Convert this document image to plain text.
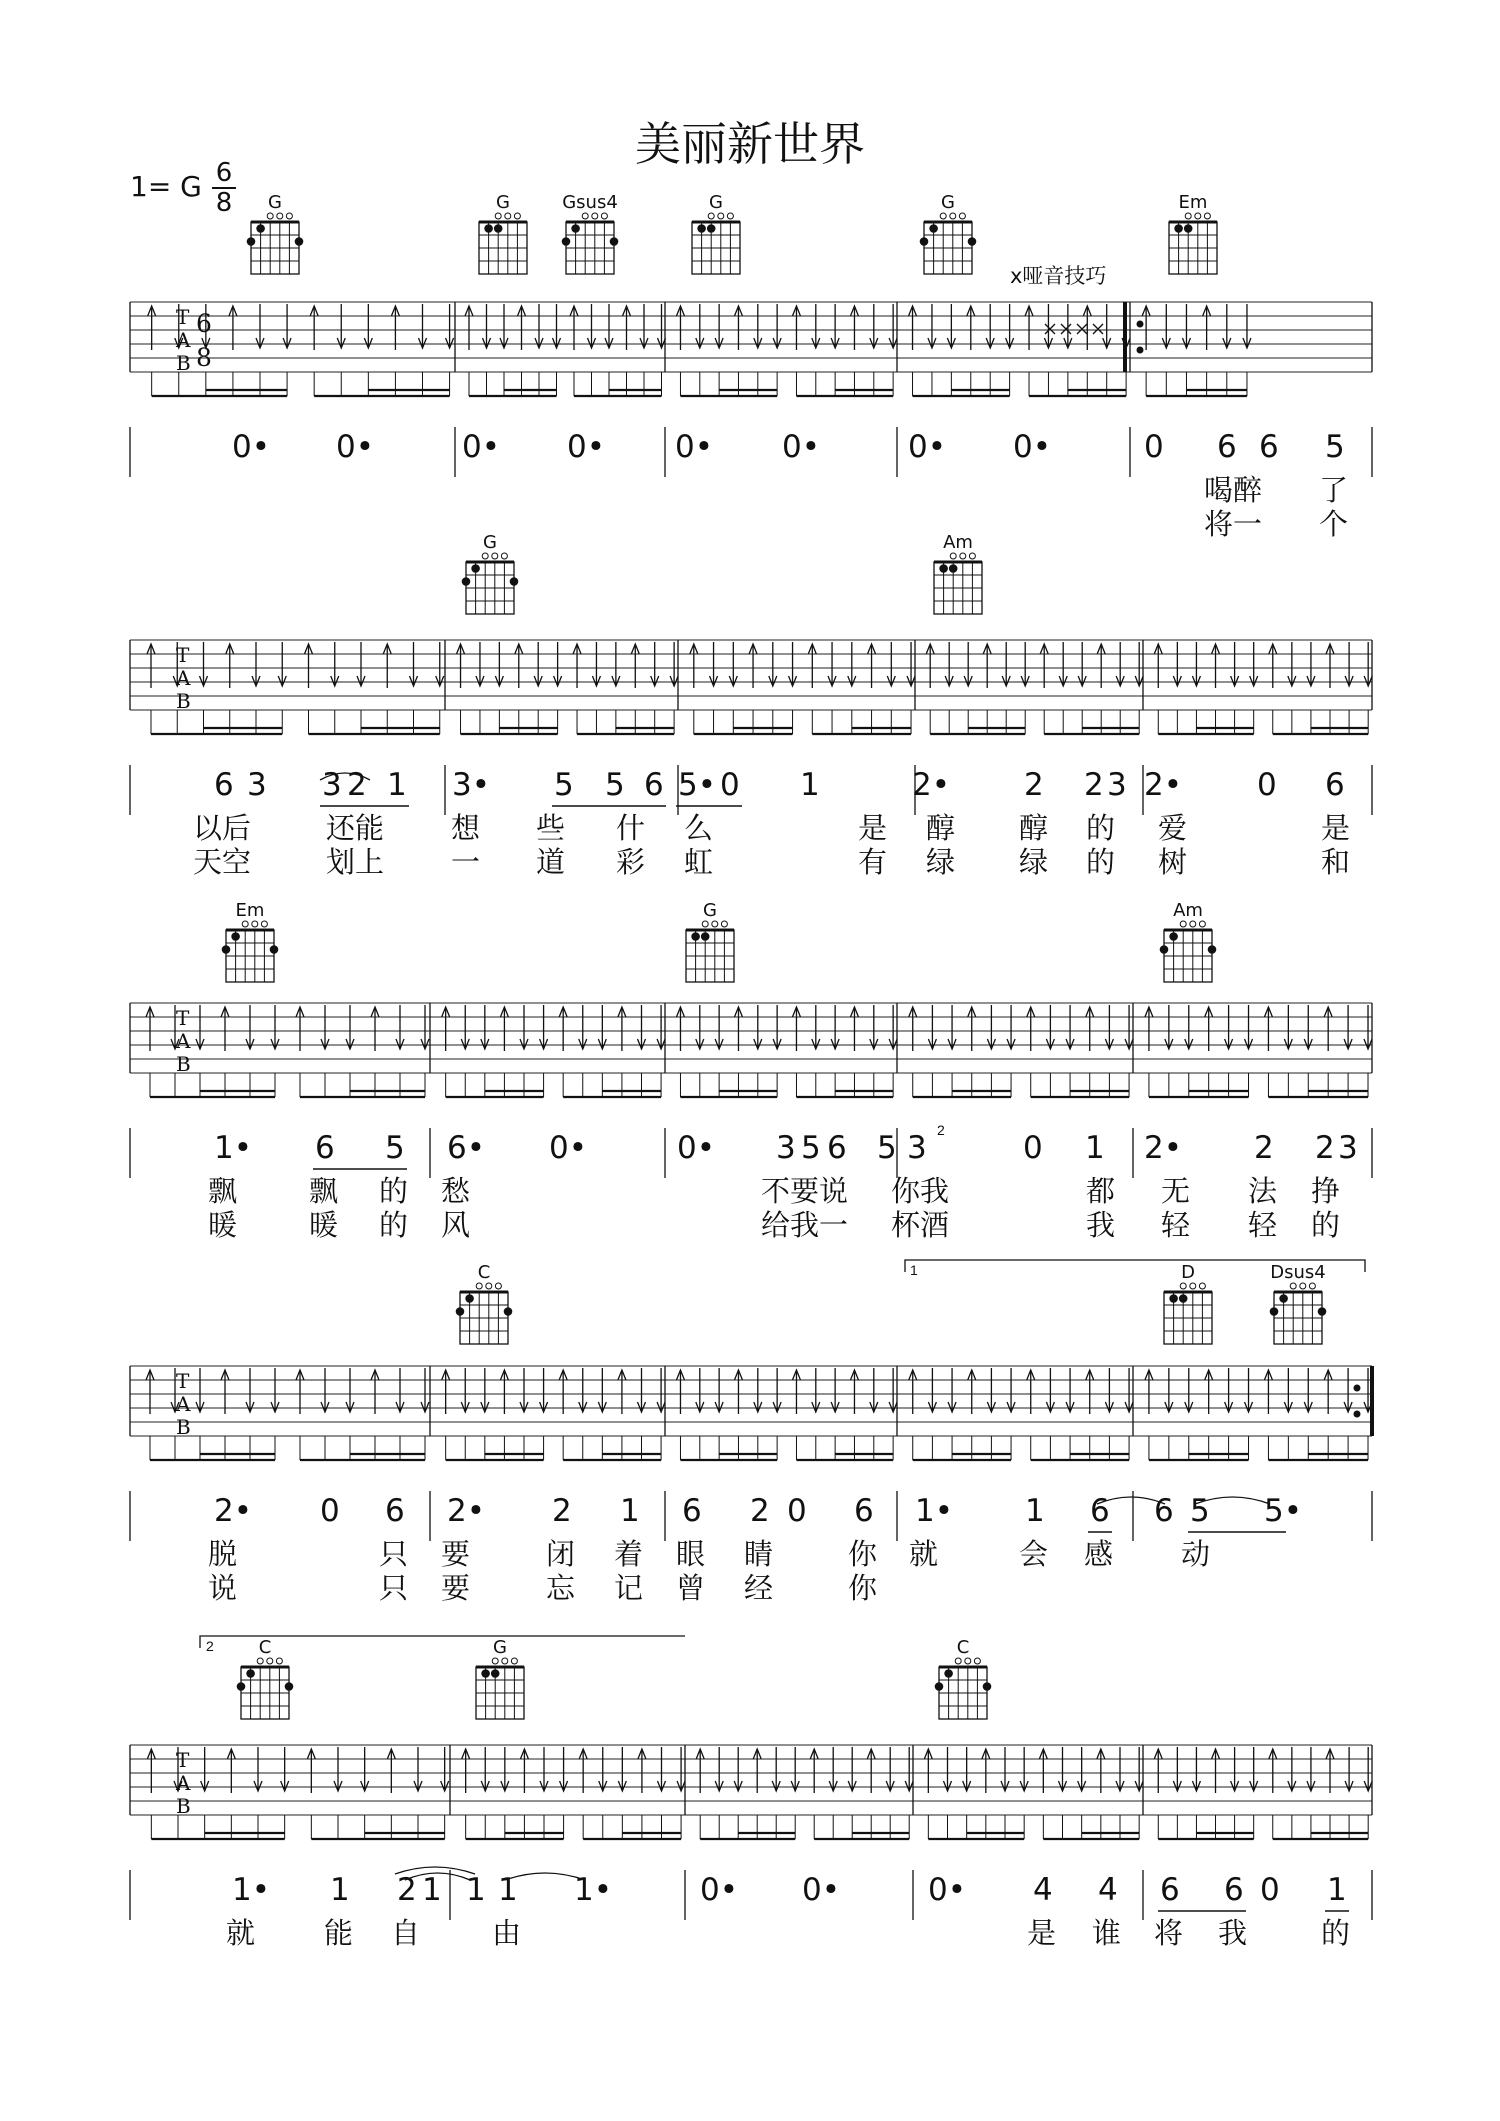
美丽新世界
1= G 6
8
T
A
B
6
8
0• 0•	0• 0• 0• 0•	0• 0•	0 6 6 5
喝醉 了
将一 个
G	G	Gsus4	G	G	Em
T
A
B
6 3 3 2 1 3• 5 5 6 5• 0 1	2• 2 2 3 2• 0 6
以后	还能 想 些 什 么	是 醇 醇 的 爱	是
天空	划上 一 道 彩 虹	有 绿 绿 的 树	和
G	Am
T
A
B
1• 6 5 6• 0•	0• 3 5 6 5 3	0 1 2• 2 2 3
飘 飘 的 愁	不要说 你我	都 无 法 挣
暖 暖 的 风	给我一 杯酒	我 轻 轻 的
Em	G	Am
T
A
B
2• 0 6 2• 2 1 6 2 0 6 1• 1 6 6 5 5•
脱	只 要	闭 着 眼 睛	你 就	会 感 动
说	只 要	忘 记 曾 经	你
C	D	Dsus4
T
A
B
1• 1 2 1 1 1 1•	0• 0•	0• 4 4 6 6 0 1
就 能 自 由	是 谁 将 我	的
C	G	C
x哑音技巧
1
2
2
